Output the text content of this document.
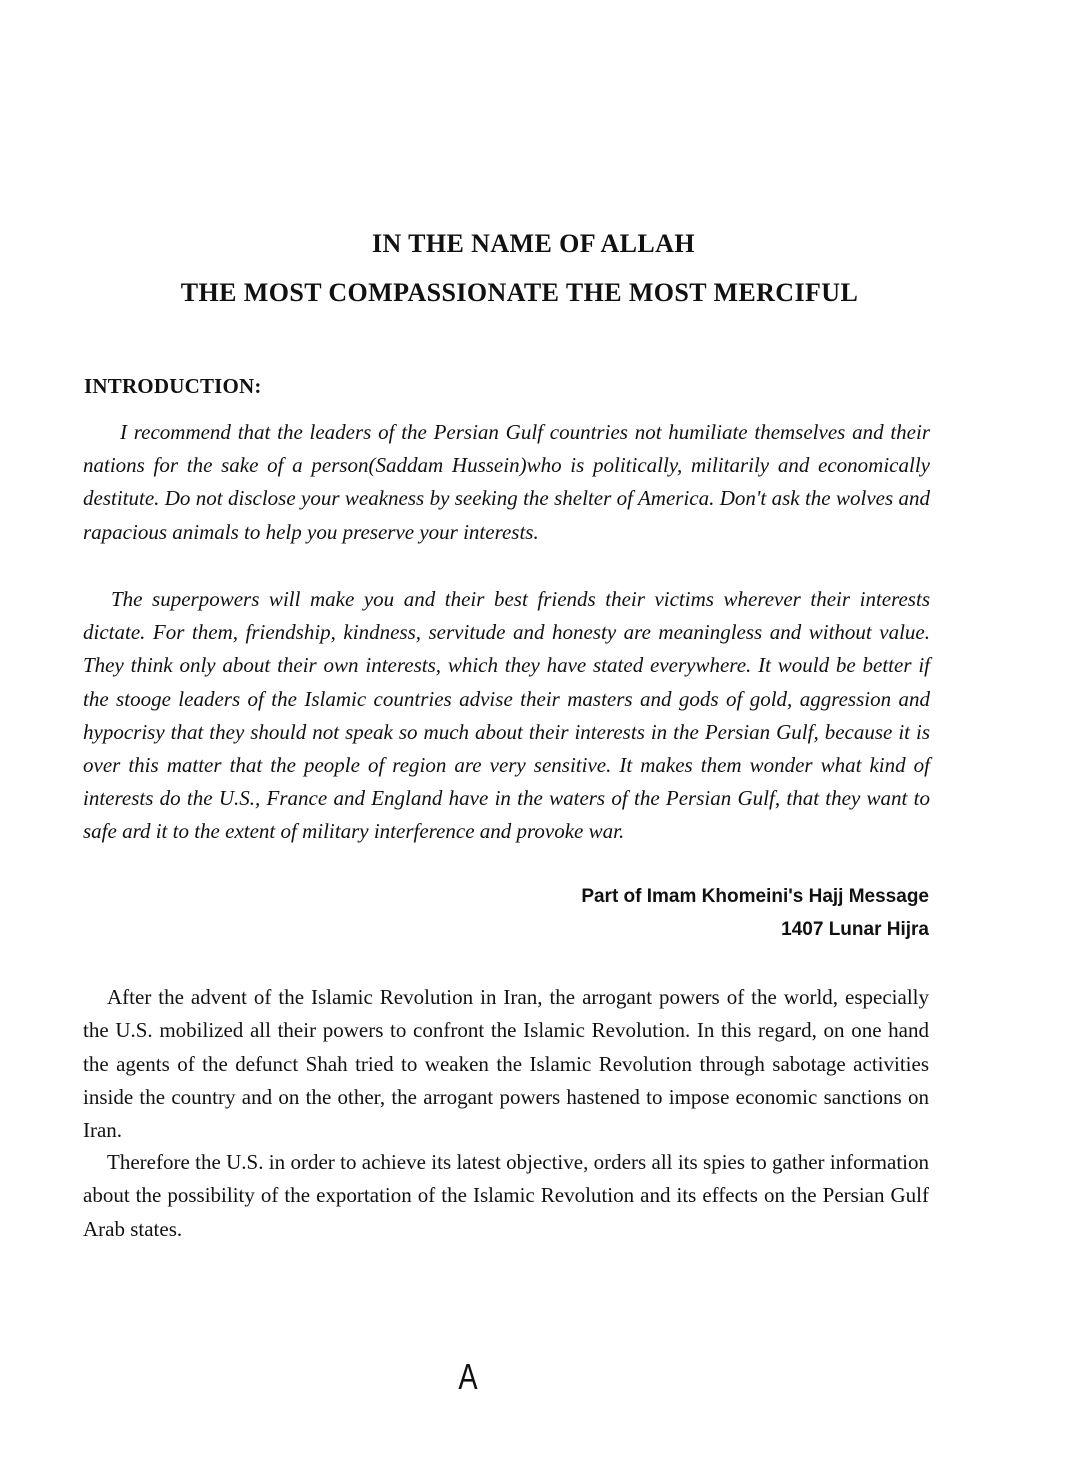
IN THE NAME OF ALLAH
THE MOST COMPASSIONATE THE MOST MERCIFUL
INTRODUCTION:

I recommend that the leaders of the Persian Gulf countries not humiliate themselves and their nations for the sake of a person(Saddam Hussein)who is politically, militarily and economically destitute. Do not disclose your weakness by seeking the shelter of America. Don't ask the wolves and rapacious animals to help you preserve your interests.

The superpowers will make you and their best friends their victims wherever their interests dictate. For them, friendship, kindness, servitude and honesty are meaningless and without value. They think only about their own interests, which they have stated everywhere. It would be better if the stooge leaders of the Islamic countries advise their masters and gods of gold, aggression and hypocrisy that they should not speak so much about their interests in the Persian Gulf, because it is over this matter that the people of region are very sensitive. It makes them wonder what kind of interests do the U.S., France and England have in the waters of the Persian Gulf, that they want to safe ard it to the extent of military interference and provoke war.

Part of Imam Khomeini's Hajj Message
1407 Lunar Hijra

After the advent of the Islamic Revolution in Iran, the arrogant powers of the world, especially the U.S. mobilized all their powers to confront the Islamic Revolution. In this regard, on one hand the agents of the defunct Shah tried to weaken the Islamic Revolution through sabotage activities inside the country and on the other, the arrogant powers hastened to impose economic sanctions on Iran.

Therefore the U.S. in order to achieve its latest objective, orders all its spies to gather information about the possibility of the exportation of the Islamic Revolution and its effects on the Persian Gulf Arab states.

A
